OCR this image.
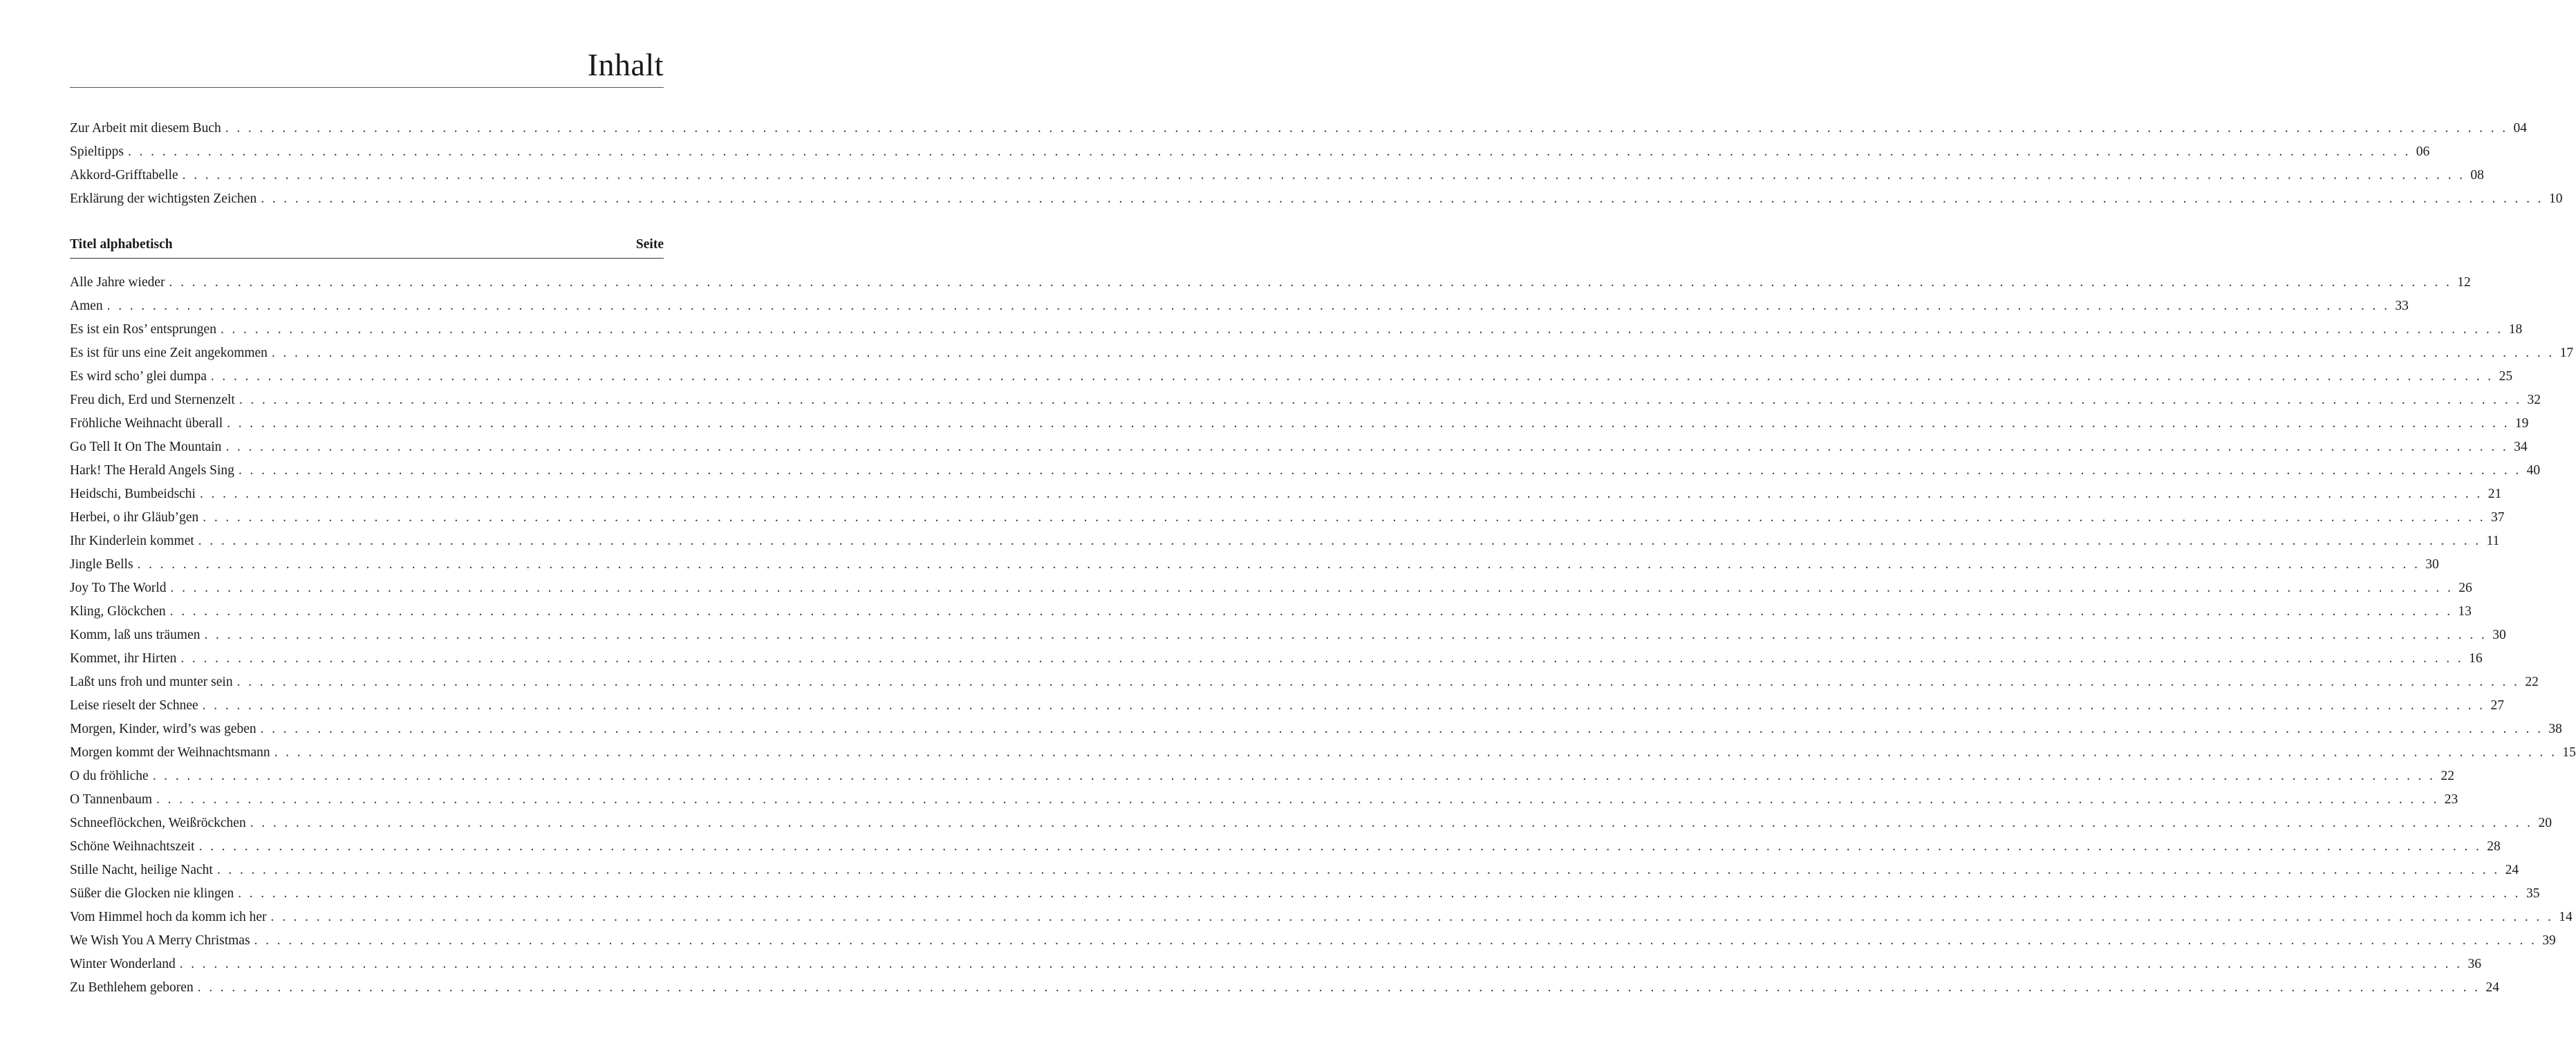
Inhalt
Zur Arbeit mit diesem Buch . . . . . . . . . . . . . . . . . . . . . . . . . . . . . . . . . . . . . . . . . . . . . . . . . . . . . . . . . . . . . . . . . . . . . . . . . . . . . . . . . . . . . . . . . . . . . . . . . . . . . . . . . . . . . . . . . . . . . . . . . . . . . . . . . . . . . . . . . . . . . . . . . . . . . . . . . . . . . . . . . . . . . . . . . . . . . . . . . . . . . . . . . . . . . . . . . . . . . . . . 04
Spieltipps . . . . . . . . . . . . . . . . . . . . . . . . . . . . . . . . . . . . . . . . . . . . . . . . . . . . . . . . . . . . . . . . . . . . . . . . . . . . . . . . . . . . . . . . . . . . . . . . . . . . . . . . . . . . . . . . . . . . . . . . . . . . . . . . . . . . . . . . . . . . . . . . . . . . . . . . . . . . . . . . . . . . . . . . . . . . . . . . . . . . . . . . . . . . . . . . . . . . . . . . 06
Akkord-Grifftabelle . . . . . . . . . . . . . . . . . . . . . . . . . . . . . . . . . . . . . . . . . . . . . . . . . . . . . . . . . . . . . . . . . . . . . . . . . . . . . . . . . . . . . . . . . . . . . . . . . . . . . . . . . . . . . . . . . . . . . . . . . . . . . . . . . . . . . . . . . . . . . . . . . . . . . . . . . . . . . . . . . . . . . . . . . . . . . . . . . . . . . . . . . . . . . . . . . . . . . . . . 08
Erklärung der wichtigsten Zeichen . . . . . . . . . . . . . . . . . . . . . . . . . . . . . . . . . . . . . . . . . . . . . . . . . . . . . . . . . . . . . . . . . . . . . . . . . . . . . . . . . . . . . . . . . . . . . . . . . . . . . . . . . . . . . . . . . . . . . . . . . . . . . . . . . . . . . . . . . . . . . . . . . . . . . . . . . . . . . . . . . . . . . . . . . . . . . . . . . . . . . . . . . . . . . . . . . . . . . . . . 10
Titel alphabetisch	Seite
Alle Jahre wieder . . . . . . . . . . . . . . . . . . . . . . . . . . . . . . . . . . . . . . . . . . . . . . . . . . . . . . . . . . . . . . . . . . . . . . . . . . . . . . . . . . . . . . . . . . . . . . . . . . . . . . . . . . . . . . . . . . . . . . . . . . . . . . . . . . . . . . . . . . . . . . . . . . . . . . . . . . . . . . . . . . . . . . . . . . . . . . . . . . . . . . . . . . . . . . . . . . . . . . . . 12
Amen . . . . . . . . . . . . . . . . . . . . . . . . . . . . . . . . . . . . . . . . . . . . . . . . . . . . . . . . . . . . . . . . . . . . . . . . . . . . . . . . . . . . . . . . . . . . . . . . . . . . . . . . . . . . . . . . . . . . . . . . . . . . . . . . . . . . . . . . . . . . . . . . . . . . . . . . . . . . . . . . . . . . . . . . . . . . . . . . . . . . . . . . . . . . . . . . . . . . . . . . 33
Es ist ein Ros’ entsprungen . . . . . . . . . . . . . . . . . . . . . . . . . . . . . . . . . . . . . . . . . . . . . . . . . . . . . . . . . . . . . . . . . . . . . . . . . . . . . . . . . . . . . . . . . . . . . . . . . . . . . . . . . . . . . . . . . . . . . . . . . . . . . . . . . . . . . . . . . . . . . . . . . . . . . . . . . . . . . . . . . . . . . . . . . . . . . . . . . . . . . . . . . . . . . . . . . . . . . . . . 18
Es ist für uns eine Zeit angekommen . . . . . . . . . . . . . . . . . . . . . . . . . . . . . . . . . . . . . . . . . . . . . . . . . . . . . . . . . . . . . . . . . . . . . . . . . . . . . . . . . . . . . . . . . . . . . . . . . . . . . . . . . . . . . . . . . . . . . . . . . . . . . . . . . . . . . . . . . . . . . . . . . . . . . . . . . . . . . . . . . . . . . . . . . . . . . . . . . . . . . . . . . . . . . . . . . . . . . . . . 17
Es wird scho’ glei dumpa . . . . . . . . . . . . . . . . . . . . . . . . . . . . . . . . . . . . . . . . . . . . . . . . . . . . . . . . . . . . . . . . . . . . . . . . . . . . . . . . . . . . . . . . . . . . . . . . . . . . . . . . . . . . . . . . . . . . . . . . . . . . . . . . . . . . . . . . . . . . . . . . . . . . . . . . . . . . . . . . . . . . . . . . . . . . . . . . . . . . . . . . . . . . . . . . . . . . . . . . 25
Freu dich, Erd und Sternenzelt . . . . . . . . . . . . . . . . . . . . . . . . . . . . . . . . . . . . . . . . . . . . . . . . . . . . . . . . . . . . . . . . . . . . . . . . . . . . . . . . . . . . . . . . . . . . . . . . . . . . . . . . . . . . . . . . . . . . . . . . . . . . . . . . . . . . . . . . . . . . . . . . . . . . . . . . . . . . . . . . . . . . . . . . . . . . . . . . . . . . . . . . . . . . . . . . . . . . . . . . 32
Fröhliche Weihnacht überall . . . . . . . . . . . . . . . . . . . . . . . . . . . . . . . . . . . . . . . . . . . . . . . . . . . . . . . . . . . . . . . . . . . . . . . . . . . . . . . . . . . . . . . . . . . . . . . . . . . . . . . . . . . . . . . . . . . . . . . . . . . . . . . . . . . . . . . . . . . . . . . . . . . . . . . . . . . . . . . . . . . . . . . . . . . . . . . . . . . . . . . . . . . . . . . . . . . . . . . . 19
Go Tell It On The Mountain . . . . . . . . . . . . . . . . . . . . . . . . . . . . . . . . . . . . . . . . . . . . . . . . . . . . . . . . . . . . . . . . . . . . . . . . . . . . . . . . . . . . . . . . . . . . . . . . . . . . . . . . . . . . . . . . . . . . . . . . . . . . . . . . . . . . . . . . . . . . . . . . . . . . . . . . . . . . . . . . . . . . . . . . . . . . . . . . . . . . . . . . . . . . . . . . . . . . . . . . 34
Hark! The Herald Angels Sing . . . . . . . . . . . . . . . . . . . . . . . . . . . . . . . . . . . . . . . . . . . . . . . . . . . . . . . . . . . . . . . . . . . . . . . . . . . . . . . . . . . . . . . . . . . . . . . . . . . . . . . . . . . . . . . . . . . . . . . . . . . . . . . . . . . . . . . . . . . . . . . . . . . . . . . . . . . . . . . . . . . . . . . . . . . . . . . . . . . . . . . . . . . . . . . . . . . . . . . . 40
Heidschi, Bumbeidschi . . . . . . . . . . . . . . . . . . . . . . . . . . . . . . . . . . . . . . . . . . . . . . . . . . . . . . . . . . . . . . . . . . . . . . . . . . . . . . . . . . . . . . . . . . . . . . . . . . . . . . . . . . . . . . . . . . . . . . . . . . . . . . . . . . . . . . . . . . . . . . . . . . . . . . . . . . . . . . . . . . . . . . . . . . . . . . . . . . . . . . . . . . . . . . . . . . . . . . . . 21
Herbei, o ihr Gläub’gen . . . . . . . . . . . . . . . . . . . . . . . . . . . . . . . . . . . . . . . . . . . . . . . . . . . . . . . . . . . . . . . . . . . . . . . . . . . . . . . . . . . . . . . . . . . . . . . . . . . . . . . . . . . . . . . . . . . . . . . . . . . . . . . . . . . . . . . . . . . . . . . . . . . . . . . . . . . . . . . . . . . . . . . . . . . . . . . . . . . . . . . . . . . . . . . . . . . . . . . . 37
Ihr Kinderlein kommet . . . . . . . . . . . . . . . . . . . . . . . . . . . . . . . . . . . . . . . . . . . . . . . . . . . . . . . . . . . . . . . . . . . . . . . . . . . . . . . . . . . . . . . . . . . . . . . . . . . . . . . . . . . . . . . . . . . . . . . . . . . . . . . . . . . . . . . . . . . . . . . . . . . . . . . . . . . . . . . . . . . . . . . . . . . . . . . . . . . . . . . . . . . . . . . . . . . . . . . . 11
Jingle Bells . . . . . . . . . . . . . . . . . . . . . . . . . . . . . . . . . . . . . . . . . . . . . . . . . . . . . . . . . . . . . . . . . . . . . . . . . . . . . . . . . . . . . . . . . . . . . . . . . . . . . . . . . . . . . . . . . . . . . . . . . . . . . . . . . . . . . . . . . . . . . . . . . . . . . . . . . . . . . . . . . . . . . . . . . . . . . . . . . . . . . . . . . . . . . . . . . . . . . . . . 30
Joy To The World . . . . . . . . . . . . . . . . . . . . . . . . . . . . . . . . . . . . . . . . . . . . . . . . . . . . . . . . . . . . . . . . . . . . . . . . . . . . . . . . . . . . . . . . . . . . . . . . . . . . . . . . . . . . . . . . . . . . . . . . . . . . . . . . . . . . . . . . . . . . . . . . . . . . . . . . . . . . . . . . . . . . . . . . . . . . . . . . . . . . . . . . . . . . . . . . . . . . . . . . 26
Kling, Glöckchen . . . . . . . . . . . . . . . . . . . . . . . . . . . . . . . . . . . . . . . . . . . . . . . . . . . . . . . . . . . . . . . . . . . . . . . . . . . . . . . . . . . . . . . . . . . . . . . . . . . . . . . . . . . . . . . . . . . . . . . . . . . . . . . . . . . . . . . . . . . . . . . . . . . . . . . . . . . . . . . . . . . . . . . . . . . . . . . . . . . . . . . . . . . . . . . . . . . . . . . . 13
Komm, laß uns träumen . . . . . . . . . . . . . . . . . . . . . . . . . . . . . . . . . . . . . . . . . . . . . . . . . . . . . . . . . . . . . . . . . . . . . . . . . . . . . . . . . . . . . . . . . . . . . . . . . . . . . . . . . . . . . . . . . . . . . . . . . . . . . . . . . . . . . . . . . . . . . . . . . . . . . . . . . . . . . . . . . . . . . . . . . . . . . . . . . . . . . . . . . . . . . . . . . . . . . . . . 30
Kommet, ihr Hirten . . . . . . . . . . . . . . . . . . . . . . . . . . . . . . . . . . . . . . . . . . . . . . . . . . . . . . . . . . . . . . . . . . . . . . . . . . . . . . . . . . . . . . . . . . . . . . . . . . . . . . . . . . . . . . . . . . . . . . . . . . . . . . . . . . . . . . . . . . . . . . . . . . . . . . . . . . . . . . . . . . . . . . . . . . . . . . . . . . . . . . . . . . . . . . . . . . . . . . . . 16
Laßt uns froh und munter sein . . . . . . . . . . . . . . . . . . . . . . . . . . . . . . . . . . . . . . . . . . . . . . . . . . . . . . . . . . . . . . . . . . . . . . . . . . . . . . . . . . . . . . . . . . . . . . . . . . . . . . . . . . . . . . . . . . . . . . . . . . . . . . . . . . . . . . . . . . . . . . . . . . . . . . . . . . . . . . . . . . . . . . . . . . . . . . . . . . . . . . . . . . . . . . . . . . . . . . . . 22
Leise rieselt der Schnee . . . . . . . . . . . . . . . . . . . . . . . . . . . . . . . . . . . . . . . . . . . . . . . . . . . . . . . . . . . . . . . . . . . . . . . . . . . . . . . . . . . . . . . . . . . . . . . . . . . . . . . . . . . . . . . . . . . . . . . . . . . . . . . . . . . . . . . . . . . . . . . . . . . . . . . . . . . . . . . . . . . . . . . . . . . . . . . . . . . . . . . . . . . . . . . . . . . . . . . . 27
Morgen, Kinder, wird’s was geben . . . . . . . . . . . . . . . . . . . . . . . . . . . . . . . . . . . . . . . . . . . . . . . . . . . . . . . . . . . . . . . . . . . . . . . . . . . . . . . . . . . . . . . . . . . . . . . . . . . . . . . . . . . . . . . . . . . . . . . . . . . . . . . . . . . . . . . . . . . . . . . . . . . . . . . . . . . . . . . . . . . . . . . . . . . . . . . . . . . . . . . . . . . . . . . . . . . . . . . . 38
Morgen kommt der Weihnachtsmann . . . . . . . . . . . . . . . . . . . . . . . . . . . . . . . . . . . . . . . . . . . . . . . . . . . . . . . . . . . . . . . . . . . . . . . . . . . . . . . . . . . . . . . . . . . . . . . . . . . . . . . . . . . . . . . . . . . . . . . . . . . . . . . . . . . . . . . . . . . . . . . . . . . . . . . . . . . . . . . . . . . . . . . . . . . . . . . . . . . . . . . . . . . . . . . . . . . . . . . . 15
O du fröhliche . . . . . . . . . . . . . . . . . . . . . . . . . . . . . . . . . . . . . . . . . . . . . . . . . . . . . . . . . . . . . . . . . . . . . . . . . . . . . . . . . . . . . . . . . . . . . . . . . . . . . . . . . . . . . . . . . . . . . . . . . . . . . . . . . . . . . . . . . . . . . . . . . . . . . . . . . . . . . . . . . . . . . . . . . . . . . . . . . . . . . . . . . . . . . . . . . . . . . . . . 22
O Tannenbaum . . . . . . . . . . . . . . . . . . . . . . . . . . . . . . . . . . . . . . . . . . . . . . . . . . . . . . . . . . . . . . . . . . . . . . . . . . . . . . . . . . . . . . . . . . . . . . . . . . . . . . . . . . . . . . . . . . . . . . . . . . . . . . . . . . . . . . . . . . . . . . . . . . . . . . . . . . . . . . . . . . . . . . . . . . . . . . . . . . . . . . . . . . . . . . . . . . . . . . . . 23
Schneeflöckchen, Weißröckchen . . . . . . . . . . . . . . . . . . . . . . . . . . . . . . . . . . . . . . . . . . . . . . . . . . . . . . . . . . . . . . . . . . . . . . . . . . . . . . . . . . . . . . . . . . . . . . . . . . . . . . . . . . . . . . . . . . . . . . . . . . . . . . . . . . . . . . . . . . . . . . . . . . . . . . . . . . . . . . . . . . . . . . . . . . . . . . . . . . . . . . . . . . . . . . . . . . . . . . . . 20
Schöne Weihnachtszeit . . . . . . . . . . . . . . . . . . . . . . . . . . . . . . . . . . . . . . . . . . . . . . . . . . . . . . . . . . . . . . . . . . . . . . . . . . . . . . . . . . . . . . . . . . . . . . . . . . . . . . . . . . . . . . . . . . . . . . . . . . . . . . . . . . . . . . . . . . . . . . . . . . . . . . . . . . . . . . . . . . . . . . . . . . . . . . . . . . . . . . . . . . . . . . . . . . . . . . . . 28
Stille Nacht, heilige Nacht . . . . . . . . . . . . . . . . . . . . . . . . . . . . . . . . . . . . . . . . . . . . . . . . . . . . . . . . . . . . . . . . . . . . . . . . . . . . . . . . . . . . . . . . . . . . . . . . . . . . . . . . . . . . . . . . . . . . . . . . . . . . . . . . . . . . . . . . . . . . . . . . . . . . . . . . . . . . . . . . . . . . . . . . . . . . . . . . . . . . . . . . . . . . . . . . . . . . . . . . 24
Süßer die Glocken nie klingen . . . . . . . . . . . . . . . . . . . . . . . . . . . . . . . . . . . . . . . . . . . . . . . . . . . . . . . . . . . . . . . . . . . . . . . . . . . . . . . . . . . . . . . . . . . . . . . . . . . . . . . . . . . . . . . . . . . . . . . . . . . . . . . . . . . . . . . . . . . . . . . . . . . . . . . . . . . . . . . . . . . . . . . . . . . . . . . . . . . . . . . . . . . . . . . . . . . . . . . . 35
Vom Himmel hoch da komm ich her . . . . . . . . . . . . . . . . . . . . . . . . . . . . . . . . . . . . . . . . . . . . . . . . . . . . . . . . . . . . . . . . . . . . . . . . . . . . . . . . . . . . . . . . . . . . . . . . . . . . . . . . . . . . . . . . . . . . . . . . . . . . . . . . . . . . . . . . . . . . . . . . . . . . . . . . . . . . . . . . . . . . . . . . . . . . . . . . . . . . . . . . . . . . . . . . . . . . . . . . 14
We Wish You A Merry Christmas . . . . . . . . . . . . . . . . . . . . . . . . . . . . . . . . . . . . . . . . . . . . . . . . . . . . . . . . . . . . . . . . . . . . . . . . . . . . . . . . . . . . . . . . . . . . . . . . . . . . . . . . . . . . . . . . . . . . . . . . . . . . . . . . . . . . . . . . . . . . . . . . . . . . . . . . . . . . . . . . . . . . . . . . . . . . . . . . . . . . . . . . . . . . . . . . . . . . . . . . 39
Winter Wonderland . . . . . . . . . . . . . . . . . . . . . . . . . . . . . . . . . . . . . . . . . . . . . . . . . . . . . . . . . . . . . . . . . . . . . . . . . . . . . . . . . . . . . . . . . . . . . . . . . . . . . . . . . . . . . . . . . . . . . . . . . . . . . . . . . . . . . . . . . . . . . . . . . . . . . . . . . . . . . . . . . . . . . . . . . . . . . . . . . . . . . . . . . . . . . . . . . . . . . . . . 36
Zu Bethlehem geboren . . . . . . . . . . . . . . . . . . . . . . . . . . . . . . . . . . . . . . . . . . . . . . . . . . . . . . . . . . . . . . . . . . . . . . . . . . . . . . . . . . . . . . . . . . . . . . . . . . . . . . . . . . . . . . . . . . . . . . . . . . . . . . . . . . . . . . . . . . . . . . . . . . . . . . . . . . . . . . . . . . . . . . . . . . . . . . . . . . . . . . . . . . . . . . . . . . . . . . . . 24
